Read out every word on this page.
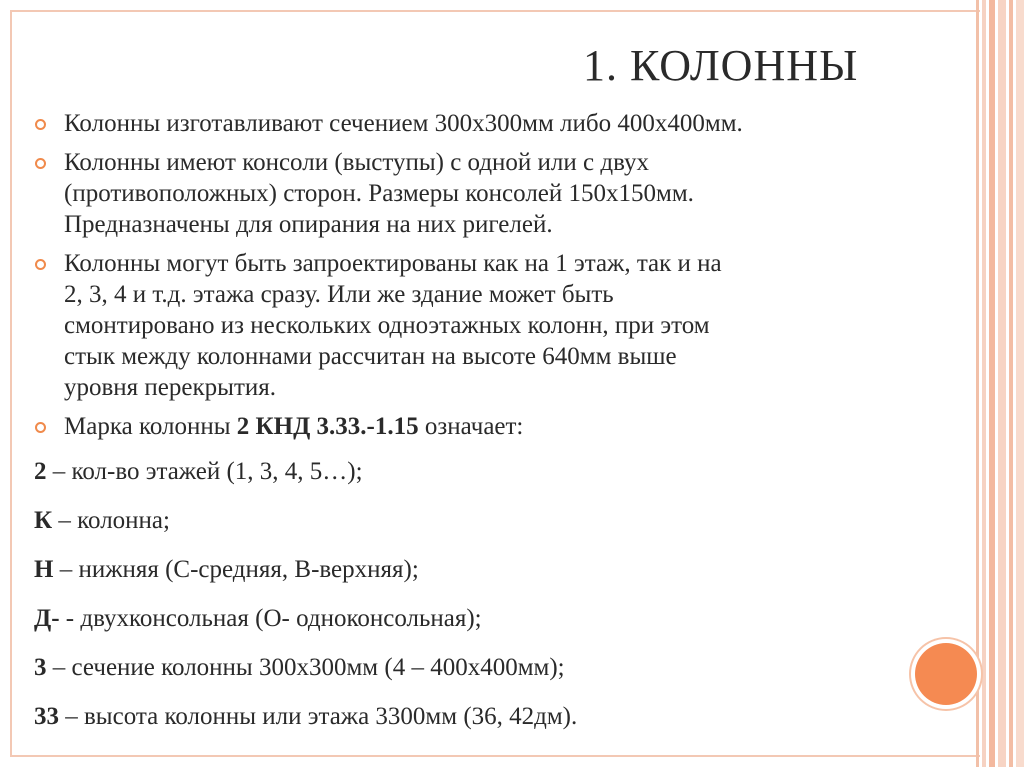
1. КОЛОННЫ
Колонны изготавливают сечением 300х300мм либо 400х400мм.
Колонны имеют консоли (выступы) с одной или с двух
(противоположных) сторон. Размеры консолей 150х150мм.
Предназначены для опирания на них ригелей.
Колонны могут быть запроектированы как на 1 этаж, так и на
2, 3, 4 и т.д. этажа сразу. Или же здание может быть
смонтировано из нескольких одноэтажных колонн, при этом
стык между колоннами рассчитан на высоте 640мм выше
уровня перекрытия.
Марка колонны 2 КНД 3.33.-1.15 означает:
2 – кол-во этажей (1, 3, 4, 5…);
К – колонна;
Н – нижняя (С-средняя, В-верхняя);
Д- - двухконсольная (О- одноконсольная);
3 – сечение колонны 300х300мм (4 – 400х400мм);
33 – высота колонны или этажа 3300мм (36, 42дм).
